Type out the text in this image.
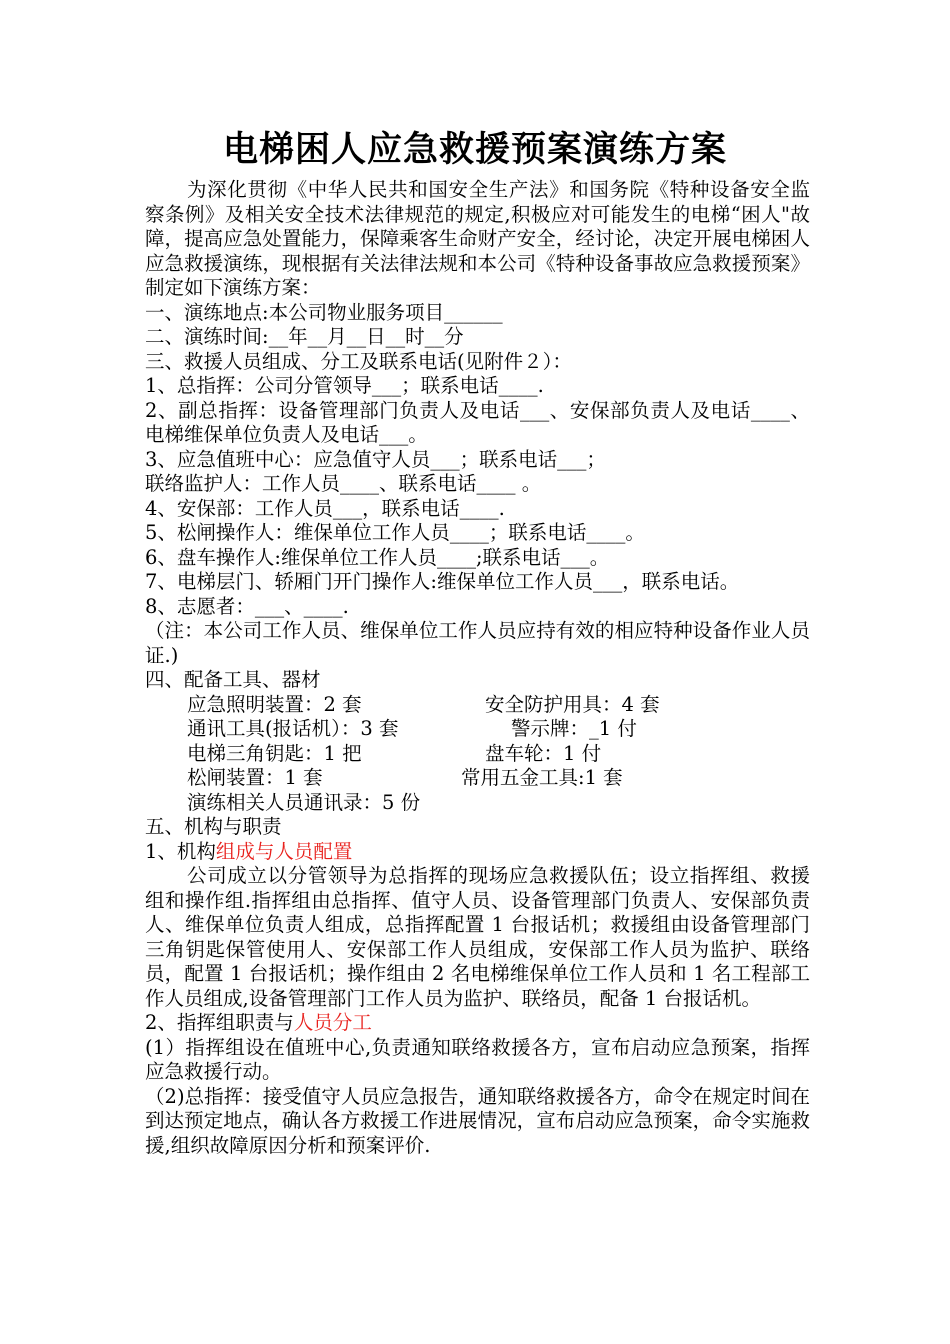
电梯困人应急救援预案演练方案

为深化贯彻《中华人民共和国安全生产法》和国务院《特种设备安全监察条例》及相关安全技术法律规范的规定,积极应对可能发生的电梯“困人"故障，提高应急处置能力，保障乘客生命财产安全，经讨论，决定开展电梯困人应急救援演练，现根据有关法律法规和本公司《特种设备事故应急救援预案》制定如下演练方案：

一、演练地点:本公司物业服务项目______

二、演练时间:__年__月__日__时__分

三、救援人员组成、分工及联系电话(见附件２）：

1、总指挥：公司分管领导___；联系电话____.

2、副总指挥：设备管理部门负责人及电话___、安保部负责人及电话____、电梯维保单位负责人及电话___。

3、应急值班中心：应急值守人员___；联系电话___；

联络监护人：工作人员____、联系电话____ 。

4、安保部：工作人员___，联系电话____.

5、松闸操作人：维保单位工作人员____；联系电话____。

6、盘车操作人:维保单位工作人员____;联系电话___。

7、电梯层门、轿厢门开门操作人:维保单位工作人员___，联系电话。

8、志愿者：___、____.

（注：本公司工作人员、维保单位工作人员应持有效的相应特种设备作业人员证.)

四、配备工具、器材

应急照明装置：2 套	安全防护用具：4 套
通讯工具(报话机）：3 套	警示牌：_1 付
电梯三角钥匙：1 把	盘车轮：1 付
松闸装置：1 套	常用五金工具:1 套

演练相关人员通讯录：5 份

五、机构与职责

1、机构组成与人员配置

公司成立以分管领导为总指挥的现场应急救援队伍；设立指挥组、救援组和操作组.指挥组由总指挥、值守人员、设备管理部门负责人、安保部负责人、维保单位负责人组成，总指挥配置 1 台报话机；救援组由设备管理部门三角钥匙保管使用人、安保部工作人员组成，安保部工作人员为监护、联络员，配置 1 台报话机；操作组由 2 名电梯维保单位工作人员和 1 名工程部工作人员组成,设备管理部门工作人员为监护、联络员，配备 1 台报话机。

2、指挥组职责与人员分工

(1）指挥组设在值班中心,负责通知联络救援各方，宣布启动应急预案，指挥应急救援行动。

（2)总指挥：接受值守人员应急报告，通知联络救援各方，命令在规定时间在到达预定地点，确认各方救援工作进展情况，宣布启动应急预案，命令实施救援,组织故障原因分析和预案评价.
